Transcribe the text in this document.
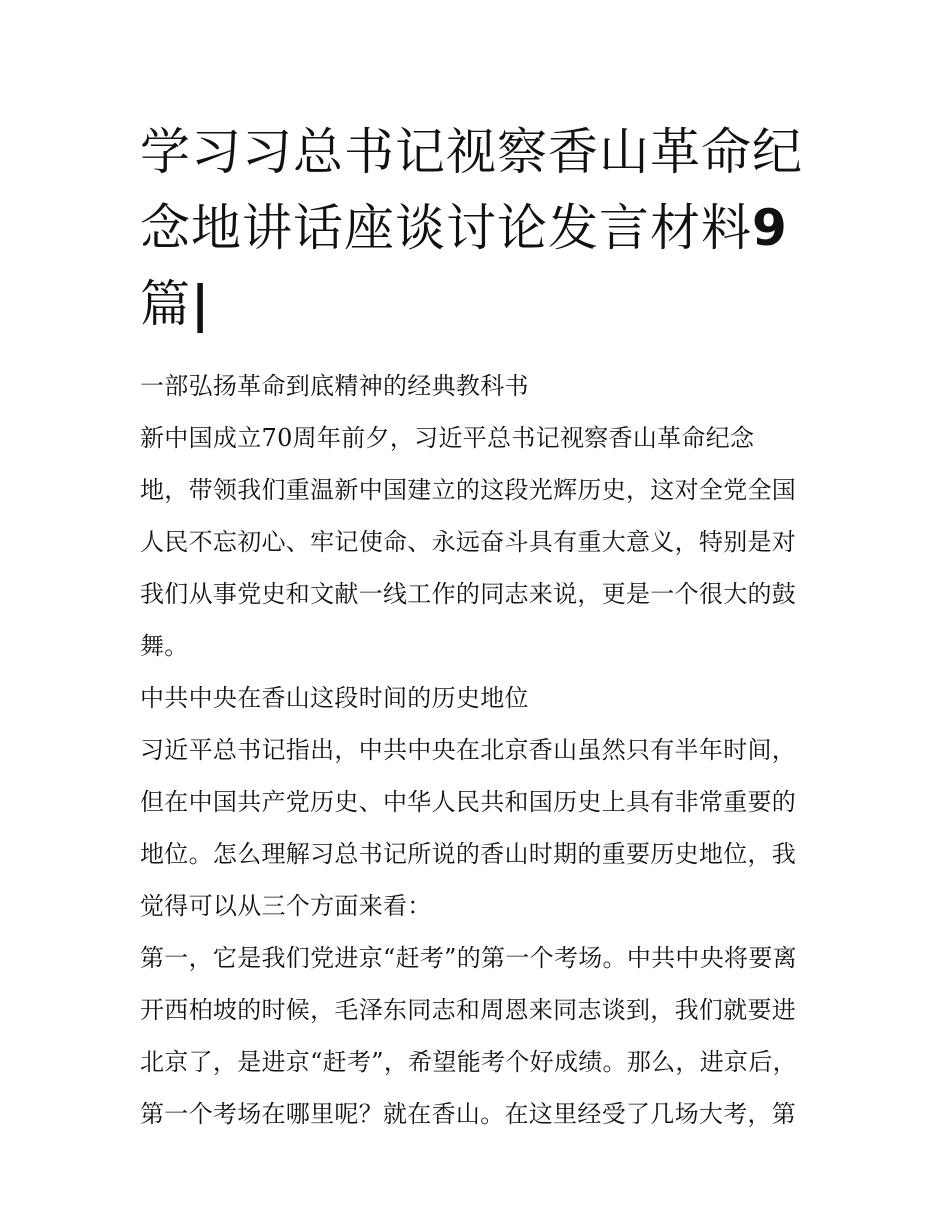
学习习总书记视察香山革命纪
念地讲话座谈讨论发言材料9
篇|
一部弘扬革命到底精神的经典教科书
新中国成立70周年前夕，习近平总书记视察香山革命纪念
地，带领我们重温新中国建立的这段光辉历史，这对全党全国
人民不忘初心、牢记使命、永远奋斗具有重大意义，特别是对
我们从事党史和文献一线工作的同志来说，更是一个很大的鼓
舞。
中共中央在香山这段时间的历史地位
习近平总书记指出，中共中央在北京香山虽然只有半年时间，
但在中国共产党历史、中华人民共和国历史上具有非常重要的
地位。怎么理解习总书记所说的香山时期的重要历史地位，我
觉得可以从三个方面来看：
第一，它是我们党进京“赶考”的第一个考场。中共中央将要离
开西柏坡的时候，毛泽东同志和周恩来同志谈到，我们就要进
北京了，是进京“赶考”，希望能考个好成绩。那么，进京后，
第一个考场在哪里呢？就在香山。在这里经受了几场大考，第
